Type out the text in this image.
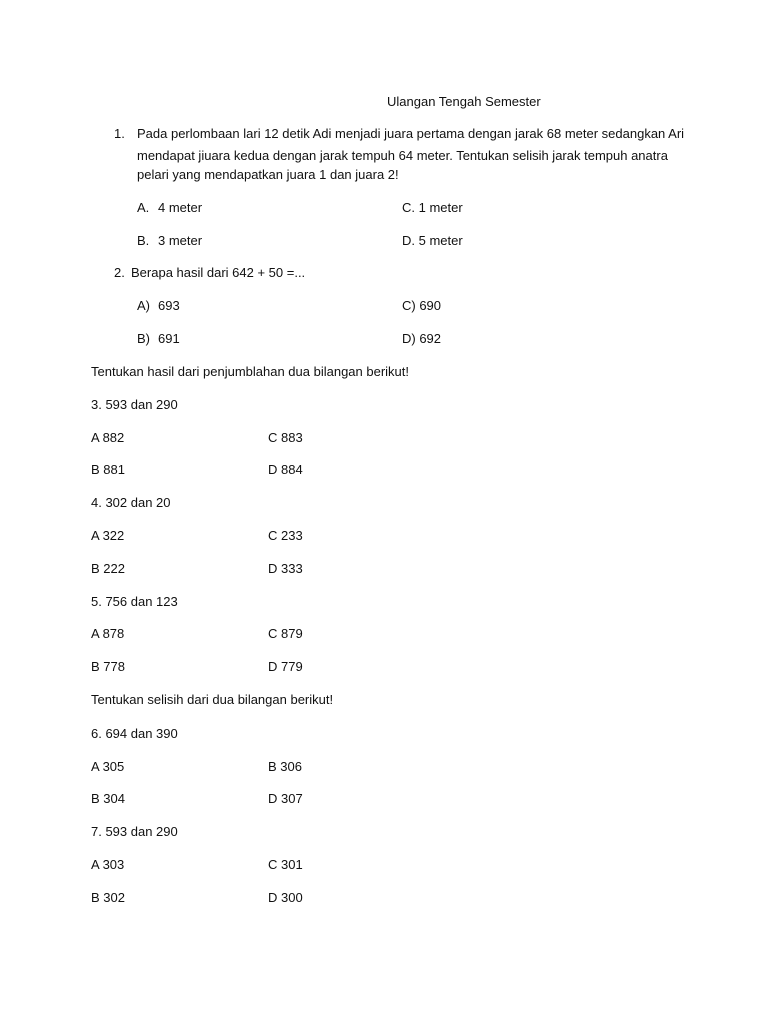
Ulangan Tengah Semester
1. Pada perlombaan lari 12 detik Adi menjadi juara pertama dengan jarak 68 meter sedangkan Ari
mendapat jiuara kedua dengan jarak tempuh 64 meter. Tentukan selisih jarak tempuh anatra
pelari yang mendapatkan juara 1 dan juara 2!
A. 4 meter	C. 1 meter
B. 3 meter	D. 5 meter
2. Berapa hasil dari 642 + 50 =...
A) 693	C) 690
B) 691	D) 692
Tentukan hasil dari penjumblahan dua bilangan berikut!
3. 593 dan 290
A 882	C 883
B 881	D 884
4. 302 dan 20
A 322	C 233
B 222	D 333
5. 756 dan 123
A 878	C 879
B 778	D 779
Tentukan selisih dari dua bilangan berikut!
6. 694 dan 390
A 305	B 306
B 304	D 307
7. 593 dan 290
A 303	C 301
B 302	D 300
